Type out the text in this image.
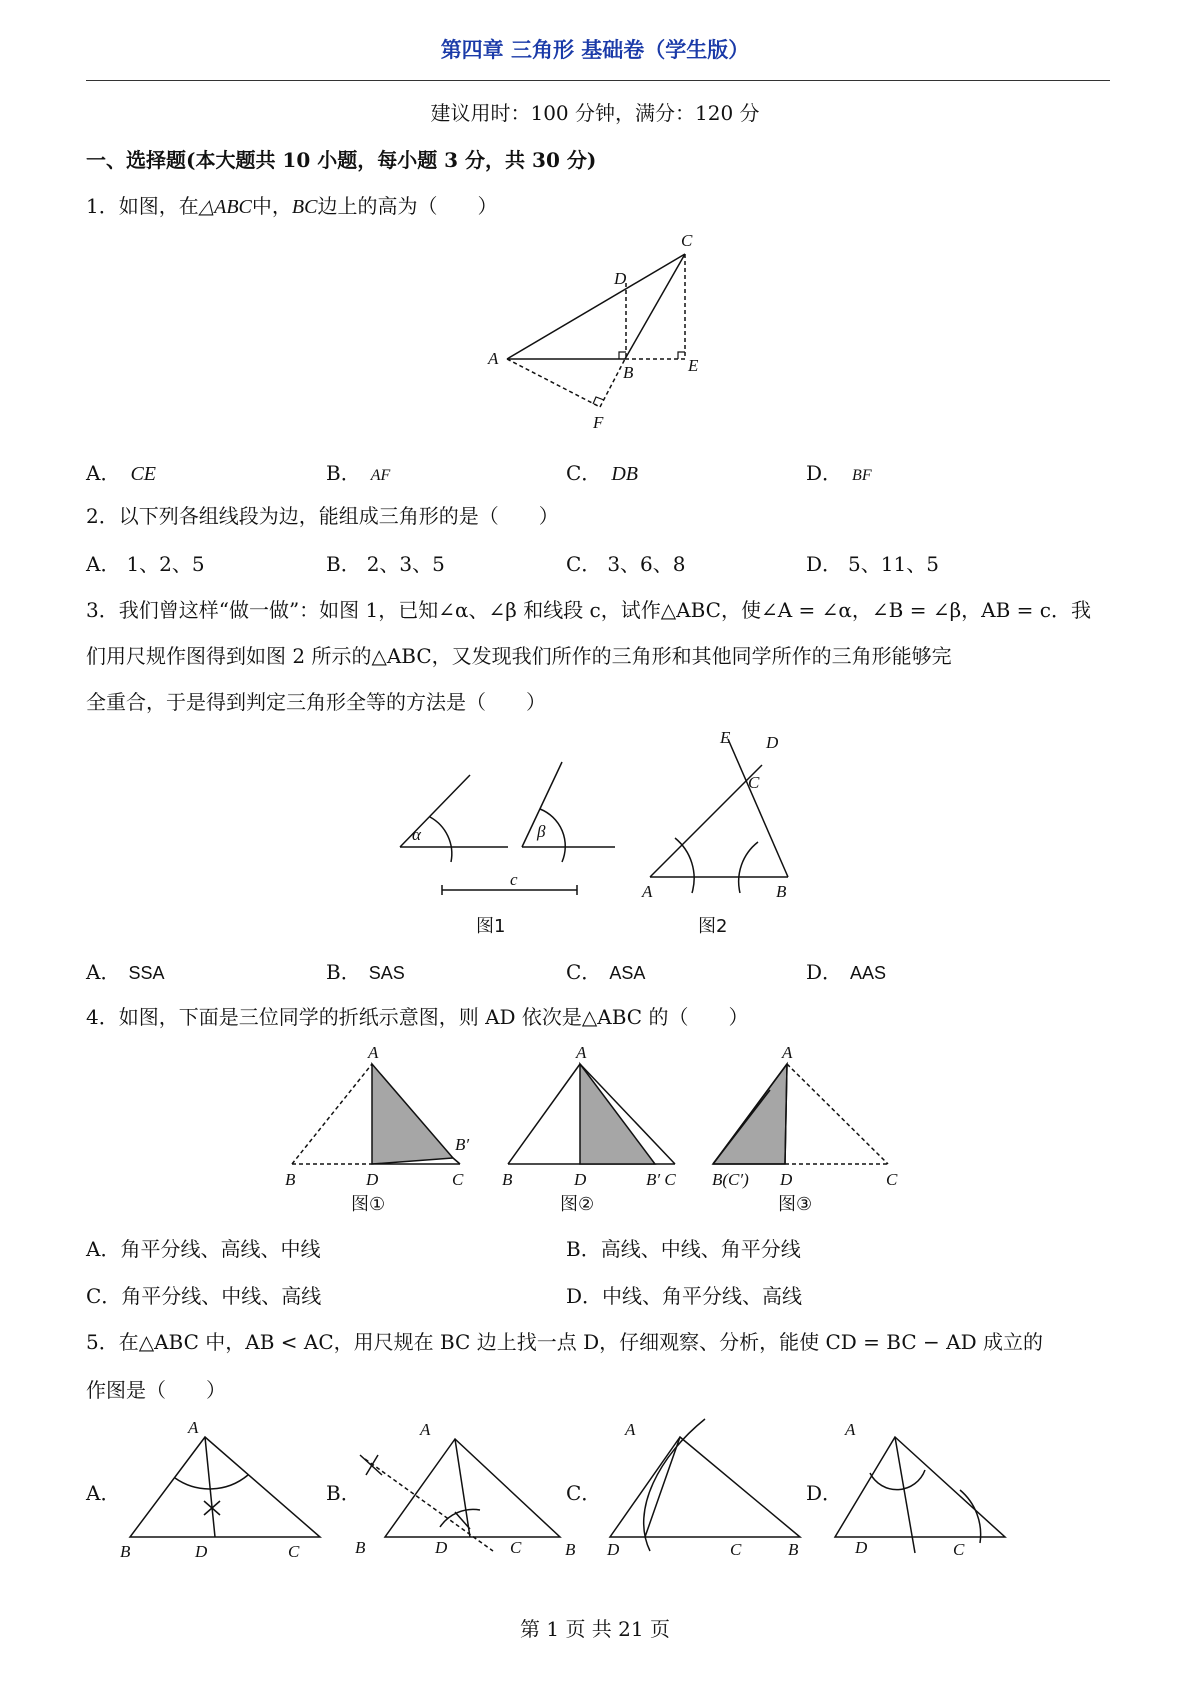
第四章 三角形 基础卷（学生版）
建议用时：100 分钟，满分：120 分
一、选择题(本大题共 10 小题，每小题 3 分，共 30 分)
1．如图，在△ABC中，BC边上的高为（　　）
C
D
A
B	E
F
A． CE	B． AF	C． DB	D． BF
2．以下列各组线段为边，能组成三角形的是（　　）
A． 1、2、5	B． 2、3、5	C． 3、6、8	D． 5、11、5
3．我们曾这样“做一做”：如图 1，已知∠α、∠β 和线段 c，试作△ABC，使∠A = ∠α，∠B = ∠β，AB = c．我
们用尺规作图得到如图 2 所示的△ABC，又发现我们所作的三角形和其他同学所作的三角形能够完
全重合，于是得到判定三角形全等的方法是（　　）
α	β
c
E D
C
A	B
图1	图2
A． SSA	B． SAS	C． ASA	D． AAS
4．如图，下面是三位同学的折纸示意图，则 AD 依次是△ABC 的（　　）
A
B	D
B′
C
图①
A
B	D	B′ C
图②
A
B(C′) D	C
图③
A．角平分线、高线、中线	B．高线、中线、角平分线
C．角平分线、中线、高线	D．中线、角平分线、高线
5．在△ABC 中，AB < AC，用尺规在 BC 边上找一点 D，仔细观察、分析，能使 CD = BC − AD 成立的
作图是（　　）
A．	B．	C．	D．
A
B	D	C
A
B	D	C
A
B D	C
A
B	D	C
第 1 页 共 21 页
